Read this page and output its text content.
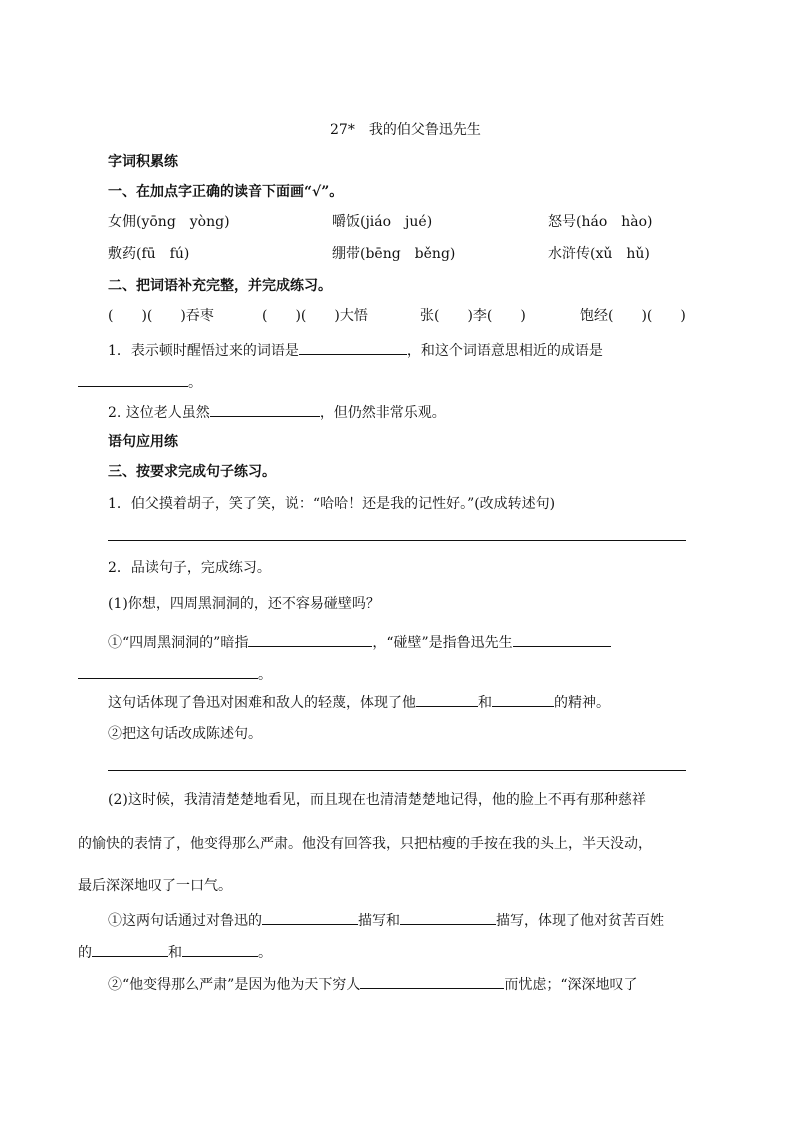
27*　我的伯父鲁迅先生
字词积累练
一、在加点字正确的读音下面画“√”。
女佣(yōng　yòng)	嚼饭(jiáo　jué)	怒号(háo　hào)
敷药(fū　fú)	绷带(bēng　běng)	水浒传(xǔ　hǔ)
二、把词语补充完整，并完成练习。
(　　)(　　)吞枣	(　　)(　　)大悟	张(　　)李(　　)	饱经(　　)(　　)
1．表示顿时醒悟过来的词语是	，和这个词语意思相近的成语是
。
2. 这位老人虽然	，但仍然非常乐观。
语句应用练
三、按要求完成句子练习。
1．伯父摸着胡子，笑了笑，说：“哈哈！还是我的记性好。”(改成转述句)
2．品读句子，完成练习。
(1)你想，四周黑洞洞的，还不容易碰壁吗？
①“四周黑洞洞的”暗指	，“碰壁”是指鲁迅先生
。
这句话体现了鲁迅对困难和敌人的轻蔑，体现了他	和	的精神。
②把这句话改成陈述句。
(2)这时候，我清清楚楚地看见，而且现在也清清楚楚地记得，他的脸上不再有那种慈祥
的愉快的表情了，他变得那么严肃。他没有回答我，只把枯瘦的手按在我的头上，半天没动，
最后深深地叹了一口气。
①这两句话通过对鲁迅的	描写和	描写，体现了他对贫苦百姓
的	和	。
②“他变得那么严肃”是因为他为天下穷人	而忧虑；“深深地叹了
